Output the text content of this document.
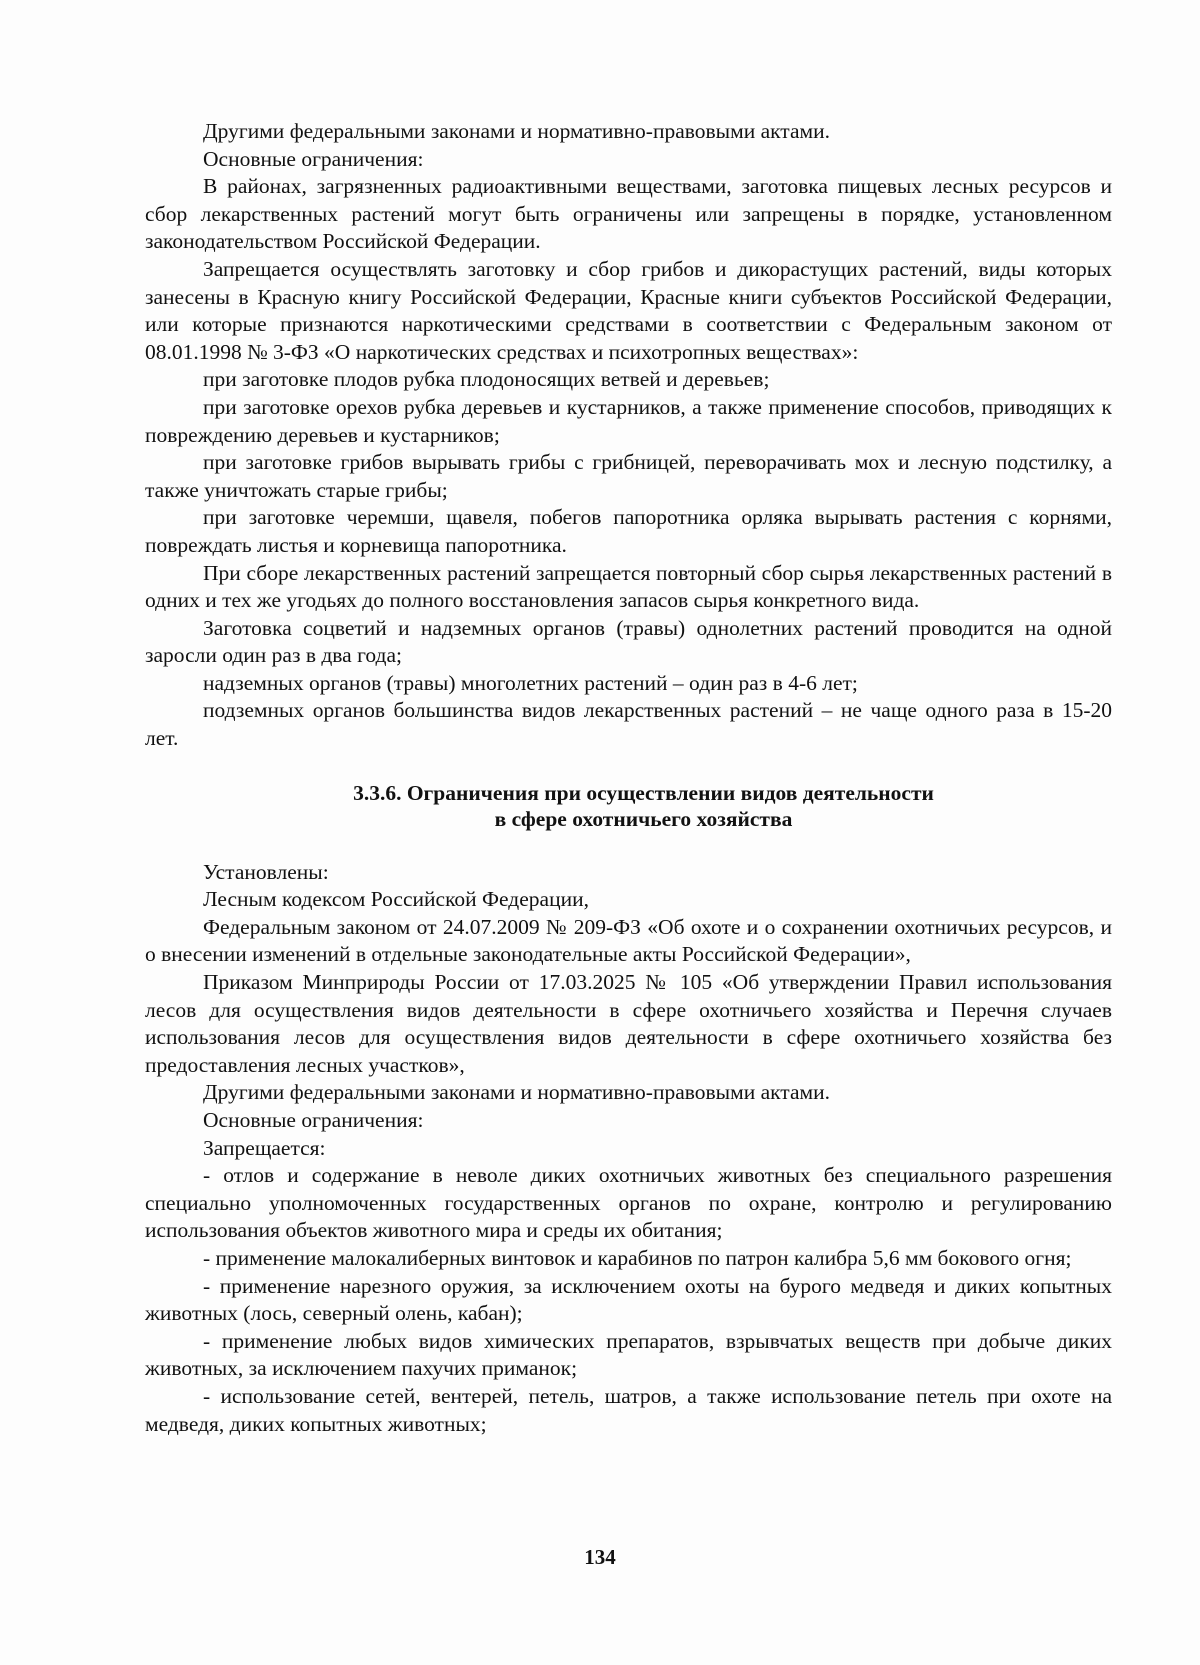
Другими федеральными законами и нормативно-правовыми актами.

Основные ограничения:

В районах, загрязненных радиоактивными веществами, заготовка пищевых лесных ресурсов и сбор лекарственных растений могут быть ограничены или запрещены в порядке, установленном законодательством Российской Федерации.

Запрещается осуществлять заготовку и сбор грибов и дикорастущих растений, виды которых занесены в Красную книгу Российской Федерации, Красные книги субъектов Российской Федерации, или которые признаются наркотическими средствами в соответствии с Федеральным законом от 08.01.1998 № 3-ФЗ «О наркотических средствах и психотропных веществах»:

при заготовке плодов рубка плодоносящих ветвей и деревьев;

при заготовке орехов рубка деревьев и кустарников, а также применение способов, приводящих к повреждению деревьев и кустарников;

при заготовке грибов вырывать грибы с грибницей, переворачивать мох и лесную подстилку, а также уничтожать старые грибы;

при заготовке черемши, щавеля, побегов папоротника орляка вырывать растения с корнями, повреждать листья и корневища папоротника.

При сборе лекарственных растений запрещается повторный сбор сырья лекарственных растений в одних и тех же угодьях до полного восстановления запасов сырья конкретного вида.

Заготовка соцветий и надземных органов (травы) однолетних растений проводится на одной заросли один раз в два года;

надземных органов (травы) многолетних растений – один раз в 4-6 лет;

подземных органов большинства видов лекарственных растений – не чаще одного раза в 15-20 лет.

3.3.6. Ограничения при осуществлении видов деятельности
в сфере охотничьего хозяйства

Установлены:

Лесным кодексом Российской Федерации,

Федеральным законом от 24.07.2009 № 209-ФЗ «Об охоте и о сохранении охотничьих ресурсов, и о внесении изменений в отдельные законодательные акты Российской Федерации»,

Приказом Минприроды России от 17.03.2025 № 105 «Об утверждении Правил использования лесов для осуществления видов деятельности в сфере охотничьего хозяйства и Перечня случаев использования лесов для осуществления видов деятельности в сфере охотничьего хозяйства без предоставления лесных участков»,

Другими федеральными законами и нормативно-правовыми актами.

Основные ограничения:

Запрещается:

- отлов и содержание в неволе диких охотничьих животных без специального разрешения специально уполномоченных государственных органов по охране, контролю и регулированию использования объектов животного мира и среды их обитания;

- применение малокалиберных винтовок и карабинов по патрон калибра 5,6 мм бокового огня;

- применение нарезного оружия, за исключением охоты на бурого медведя и диких копытных животных (лось, северный олень, кабан);

- применение любых видов химических препаратов, взрывчатых веществ при добыче диких животных, за исключением пахучих приманок;

- использование сетей, вентерей, петель, шатров, а также использование петель при охоте на медведя, диких копытных животных;

134
